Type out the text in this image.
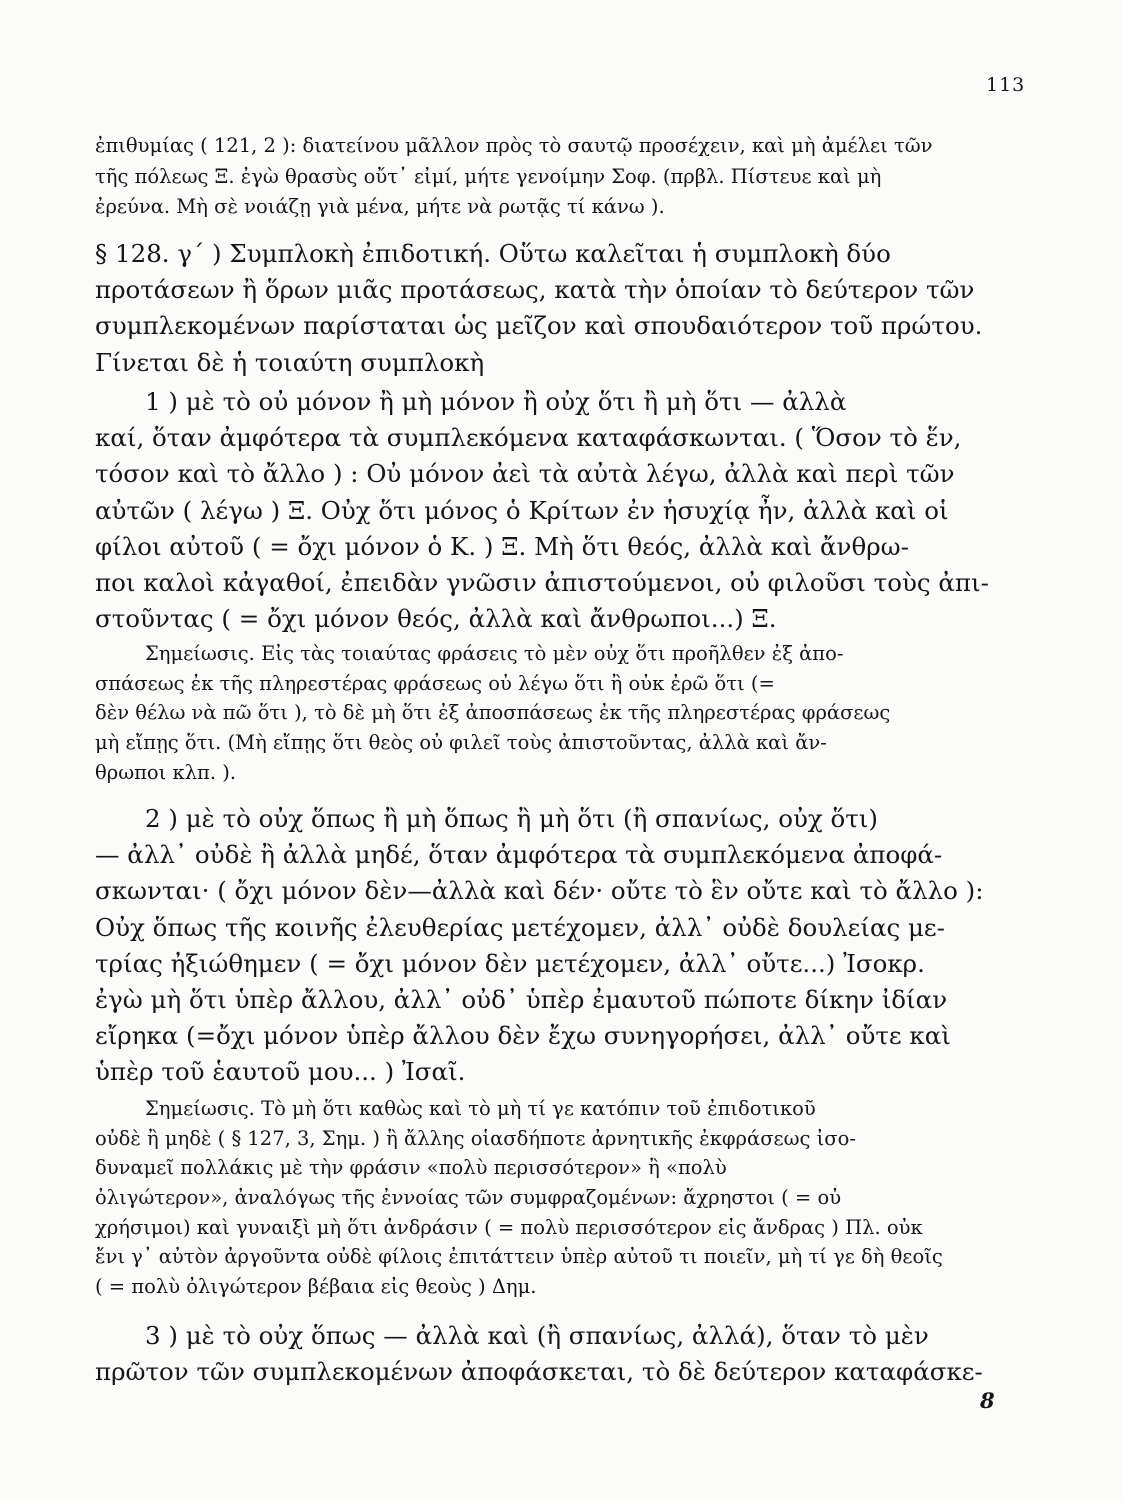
113
ἐπιθυμίας ( 121, 2 ): διατείνου μᾶλλον πρὸς τὸ σαυτῷ προσέχειν, καὶ μὴ ἀμέλει τῶν
τῆς πόλεως Ξ. ἐγὼ θρασὺς οὔτ᾽ εἰμί, μήτε γενοίμην Σοφ. (πρβλ. Πίστευε καὶ μὴ
ἐρεύνα. Μὴ σὲ νοιάζῃ γιὰ μένα, μήτε νὰ ρωτᾷς τί κάνω ).
§ 128. γ΄ ) Συμπλοκὴ ἐπιδοτική. Οὕτω καλεῖται ἡ συμπλοκὴ δύο
προτάσεων ἢ ὅρων μιᾶς προτάσεως, κατὰ τὴν ὁποίαν τὸ δεύτερον τῶν
συμπλεκομένων παρίσταται ὡς μεῖζον καὶ σπουδαιότερον τοῦ πρώτου.
Γίνεται δὲ ἡ τοιαύτη συμπλοκὴ
1 ) μὲ τὸ οὐ μόνον ἢ μὴ μόνον ἢ οὐχ ὅτι ἢ μὴ ὅτι — ἀλλὰ
καί, ὅταν ἀμφότερα τὰ συμπλεκόμενα καταφάσκωνται. ( Ὅσον τὸ ἕν,
τόσον καὶ τὸ ἄλλο ) : Οὐ μόνον ἀεὶ τὰ αὐτὰ λέγω, ἀλλὰ καὶ περὶ τῶν
αὐτῶν ( λέγω ) Ξ. Οὐχ ὅτι μόνος ὁ Κρίτων ἐν ἡσυχίᾳ ἦν, ἀλλὰ καὶ οἱ
φίλοι αὐτοῦ ( = ὄχι μόνον ὁ Κ. ) Ξ. Μὴ ὅτι θεός, ἀλλὰ καὶ ἄνθρω-
ποι καλοὶ κἀγαθοί, ἐπειδὰν γνῶσιν ἀπιστούμενοι, οὐ φιλοῦσι τοὺς ἀπι-
στοῦντας ( = ὄχι μόνον θεός, ἀλλὰ καὶ ἄνθρωποι...) Ξ.
Σημείωσις. Εἰς τὰς τοιαύτας φράσεις τὸ μὲν οὐχ ὅτι προῆλθεν ἐξ ἀπο-
σπάσεως ἐκ τῆς πληρεστέρας φράσεως οὐ λέγω ὅτι ἢ οὐκ ἐρῶ ὅτι (=
δὲν θέλω νὰ πῶ ὅτι ), τὸ δὲ μὴ ὅτι ἐξ ἀποσπάσεως ἐκ τῆς πληρεστέρας φράσεως
μὴ εἴπῃς ὅτι. (Μὴ εἴπῃς ὅτι θεὸς οὐ φιλεῖ τοὺς ἀπιστοῦντας, ἀλλὰ καὶ ἄν-
θρωποι κλπ. ).
2 ) μὲ τὸ οὐχ ὅπως ἢ μὴ ὅπως ἢ μὴ ὅτι (ἢ σπανίως, οὐχ ὅτι)
— ἀλλ᾽ οὐδὲ ἢ ἀλλὰ μηδέ, ὅταν ἀμφότερα τὰ συμπλεκόμενα ἀποφά-
σκωνται· ( ὄχι μόνον δὲν—ἀλλὰ καὶ δέν· οὔτε τὸ ἓν οὔτε καὶ τὸ ἄλλο ):
Οὐχ ὅπως τῆς κοινῆς ἐλευθερίας μετέχομεν, ἀλλ᾽ οὐδὲ δουλείας με-
τρίας ἠξιώθημεν ( = ὄχι μόνον δὲν μετέχομεν, ἀλλ᾽ οὔτε...) Ἰσοκρ.
ἐγὼ μὴ ὅτι ὑπὲρ ἄλλου, ἀλλ᾽ οὐδ᾽ ὑπὲρ ἐμαυτοῦ πώποτε δίκην ἰδίαν
εἴρηκα (=ὄχι μόνον ὑπὲρ ἄλλου δὲν ἔχω συνηγορήσει, ἀλλ᾽ οὔτε καὶ
ὑπὲρ τοῦ ἑαυτοῦ μου... ) Ἰσαῖ.
Σημείωσις. Τὸ μὴ ὅτι καθὼς καὶ τὸ μὴ τί γε κατόπιν τοῦ ἐπιδοτικοῦ
οὐδὲ ἢ μηδὲ ( § 127, 3, Σημ. ) ἢ ἄλλης οἱασδήποτε ἀρνητικῆς ἐκφράσεως ἰσο-
δυναμεῖ πολλάκις μὲ τὴν φράσιν «πολὺ περισσότερον» ἢ «πολὺ
ὀλιγώτερον», ἀναλόγως τῆς ἐννοίας τῶν συμφραζομένων: ἄχρηστοι ( = οὐ
χρήσιμοι) καὶ γυναιξὶ μὴ ὅτι ἀνδράσιν ( = πολὺ περισσότερον εἰς ἄνδρας ) Πλ. οὐκ
ἔνι γ᾽ αὐτὸν ἀργοῦντα οὐδὲ φίλοις ἐπιτάττειν ὑπὲρ αὐτοῦ τι ποιεῖν, μὴ τί γε δὴ θεοῖς
( = πολὺ ὀλιγώτερον βέβαια εἰς θεοὺς ) Δημ.
3 ) μὲ τὸ οὐχ ὅπως — ἀλλὰ καὶ (ἢ σπανίως, ἀλλά), ὅταν τὸ μὲν
πρῶτον τῶν συμπλεκομένων ἀποφάσκεται, τὸ δὲ δεύτερον καταφάσκε-
8
